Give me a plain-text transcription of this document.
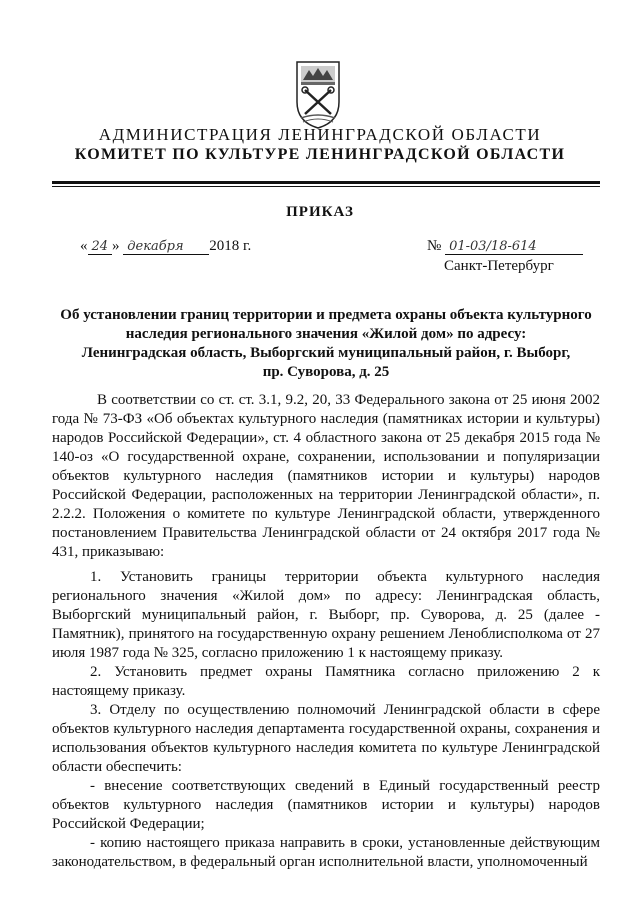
АДМИНИСТРАЦИЯ ЛЕНИНГРАДСКОЙ ОБЛАСТИ
КОМИТЕТ ПО КУЛЬТУРЕ ЛЕНИНГРАДСКОЙ ОБЛАСТИ
ПРИКАЗ
« 24 » декабря 2018 г.	№ 01-03/18-614
Санкт-Петербург
Об установлении границ территории и предмета охраны объекта культурного
наследия регионального значения «Жилой дом» по адресу:
Ленинградская область, Выборгский муниципальный район, г. Выборг,
пр. Суворова, д. 25
В соответствии со ст. ст. 3.1, 9.2, 20, 33 Федерального закона от 25 июня 2002 года № 73-ФЗ «Об объектах культурного наследия (памятниках истории и культуры) народов Российской Федерации», ст. 4 областного закона от 25 декабря 2015 года № 140-оз «О государственной охране, сохранении, использовании и популяризации объектов культурного наследия (памятников истории и культуры) народов Российской Федерации, расположенных на территории Ленинградской области», п. 2.2.2. Положения о комитете по культуре Ленинградской области, утвержденного постановлением Правительства Ленинградской области от 24 октября 2017 года № 431, приказываю:

1. Установить границы территории объекта культурного наследия регионального значения «Жилой дом» по адресу: Ленинградская область, Выборгский муниципальный район, г. Выборг, пр. Суворова, д. 25 (далее - Памятник), принятого на государственную охрану решением Леноблисполкома от 27 июля 1987 года № 325, согласно приложению 1 к настоящему приказу.

2. Установить предмет охраны Памятника согласно приложению 2 к настоящему приказу.

3. Отделу по осуществлению полномочий Ленинградской области в сфере объектов культурного наследия департамента государственной охраны, сохранения и использования объектов культурного наследия комитета по культуре Ленинградской области обеспечить:

- внесение соответствующих сведений в Единый государственный реестр объектов культурного наследия (памятников истории и культуры) народов Российской Федерации;

- копию настоящего приказа направить в сроки, установленные действующим законодательством, в федеральный орган исполнительной власти, уполномоченный
